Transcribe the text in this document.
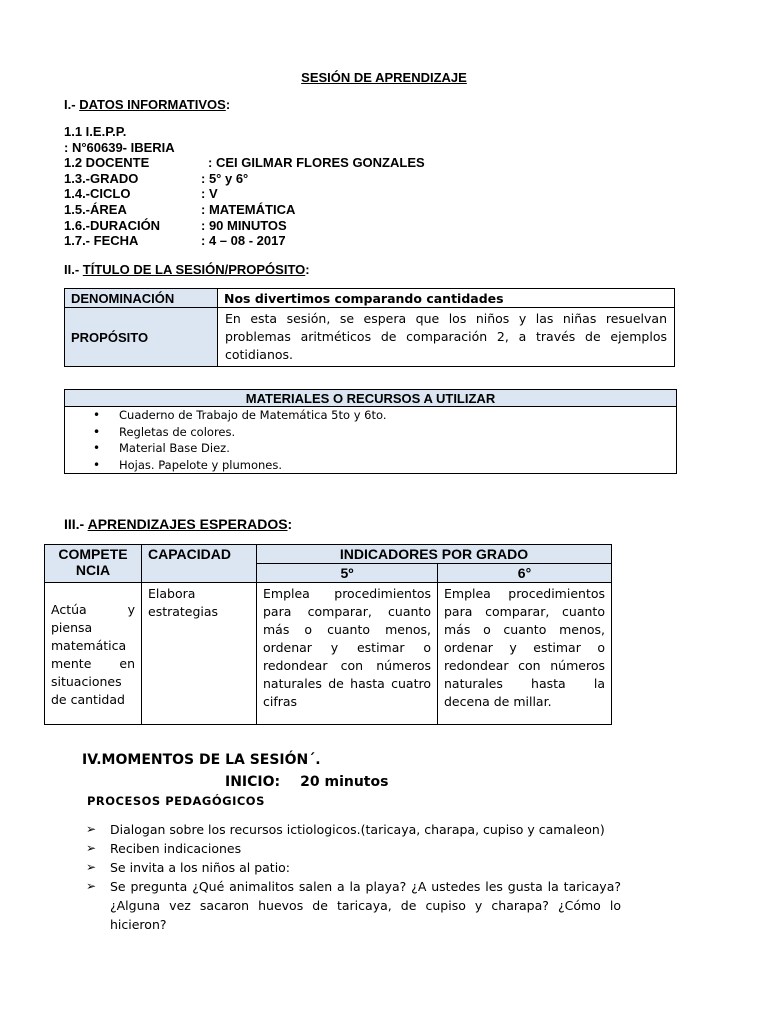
SESIÓN DE APRENDIZAJE
I.- DATOS INFORMATIVOS:
1.1 I.E.P.P.
: N°60639- IBERIA
1.2 DOCENTE	: CEI GILMAR FLORES GONZALES
1.3.-GRADO	: 5° y 6°
1.4.-CICLO	: V
1.5.-ÁREA	: MATEMÁTICA
1.6.-DURACIÓN	: 90 MINUTOS
1.7.- FECHA	: 4 – 08 - 2017
II.- TÍTULO DE LA SESIÓN/PROPÓSITO:
DENOMINACIÓN	Nos divertimos comparando cantidades
PROPÓSITO	En esta sesión, se espera que los niños y las niñas resuelvan problemas aritméticos de comparación 2, a través de ejemplos cotidianos.
MATERIALES O RECURSOS A UTILIZAR

• Cuaderno de Trabajo de Matemática 5to y 6to.
• Regletas de colores.
• Material Base Diez.
• Hojas. Papelote y plumones.
III.- APRENDIZAJES ESPERADOS:
COMPETE NCIA	CAPACIDAD	INDICADORES POR GRADO	
		5º	6°
Actúa y piensa matemática mente en situaciones de cantidad	Elabora estrategias	Emplea procedimientos para comparar, cuanto más o cuanto menos, ordenar y estimar o redondear con números naturales de hasta cuatro cifras	Emplea procedimientos para comparar, cuanto más o cuanto menos, ordenar y estimar o redondear con números naturales hasta la decena de millar.
IV.MOMENTOS DE LA SESIÓN´.
INICIO: 20 minutos
PROCESOS PEDAGÓGICOS
➢ Dialogan sobre los recursos ictiologicos.(taricaya, charapa, cupiso y camaleon)
➢ Reciben indicaciones
➢ Se invita a los niños al patio:
➢ Se pregunta ¿Qué animalitos salen a la playa? ¿A ustedes les gusta la taricaya? ¿Alguna vez sacaron huevos de taricaya, de cupiso y charapa? ¿Cómo lo hicieron?
